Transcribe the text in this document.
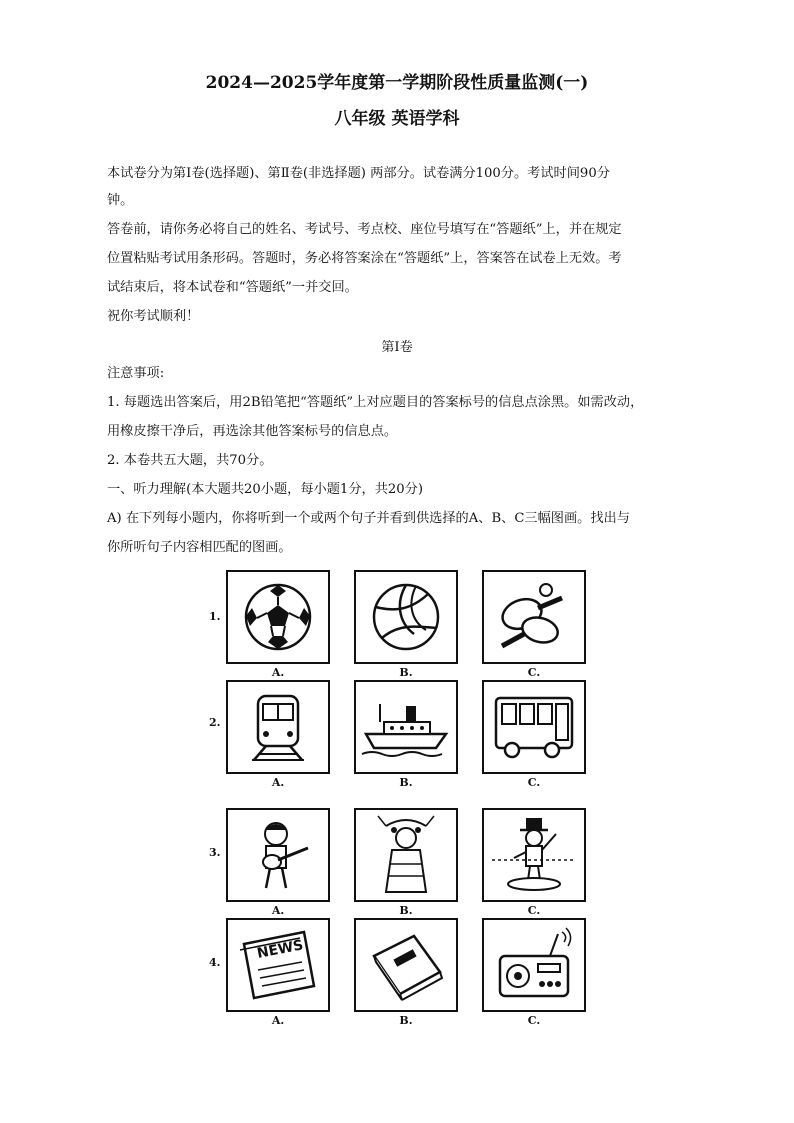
2024—2025学年度第一学期阶段性质量监测(一)
八年级 英语学科

本试卷分为第Ⅰ卷(选择题)、第Ⅱ卷(非选择题) 两部分。试卷满分100分。考试时间90分

钟。

答卷前，请你务必将自己的姓名、考试号、考点校、座位号填写在“答题纸”上，并在规定

位置粘贴考试用条形码。答题时，务必将答案涂在“答题纸”上，答案答在试卷上无效。考

试结束后，将本试卷和“答题纸”一并交回。

祝你考试顺利！

第Ⅰ卷

注意事项:

1. 每题选出答案后，用2B铅笔把“答题纸”上对应题目的答案标号的信息点涂黑。如需改动，

用橡皮擦干净后，再选涂其他答案标号的信息点。

2. 本卷共五大题，共70分。

一、听力理解(本大题共20小题，每小题1分，共20分)

A) 在下列每小题内，你将听到一个或两个句子并看到供选择的A、B、C三幅图画。找出与

你所听句子内容相匹配的图画。

1.
A.	B.	C.
2.
A.	B.	C.
3.
A.	B.	C.
4.
NEWS
A.	B.	C.
